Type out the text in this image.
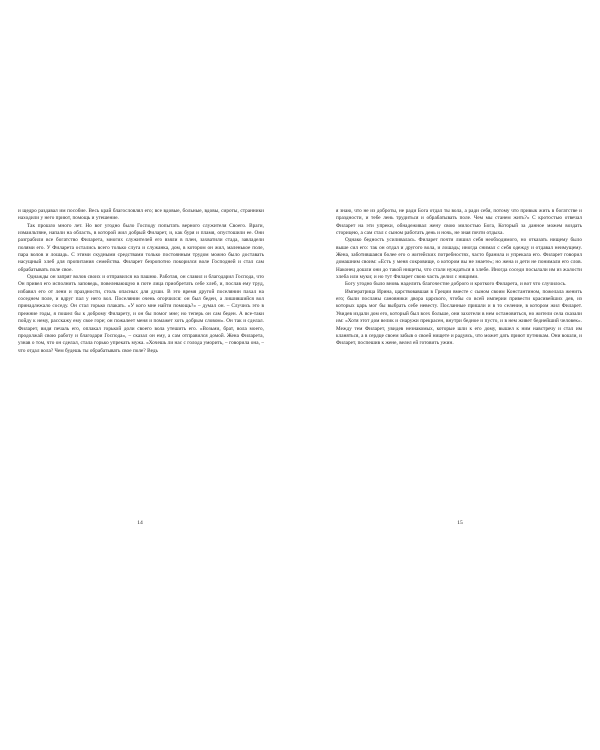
и щедро раздавал им пособие. Весь край благословлял его; все вдовые, больные, вдовы, сироты, странники находили у него приют, помощь и утешение.

Так прошло много лет. Но вот угодно было Господу попытать верного служителя Своего. Враги, измаильтяне, напали на область, в которой жил добрый Филарет, и, как буря и пламя, опустошили ее. Они разграбили все богатство Филарета, многих служителей его взяли в плен, захватили стада, завладели полями его. У Филарета остались всего только слуга и служанка, дом, в котором он жил, маленькое поле, пара волов и лошадь. С этими скудными средствами только постоянным трудом можно было доставать насущный хлеб для пропитания семейства. Филарет безропотно покорился воле Господней и стал сам обрабатывать поле свое.

Однажды он запряг волов своих и отправился на пашню. Работая, он славил и благодарил Господа, что Он привел его исполнить заповедь, повелевающую в поте лица приобретать себе хлеб, и, послав ему труд, избавил его от лени и праздности, столь опасных для души. В это время другой поселянин пахал на соседнем поле, и вдруг пал у него вол. Поселянин очень огорчился: он был беден, а лишившийся вол принадлежало соседу. Он стал горько плакать. «У кого мне найти помощь?» – думал он. – Случись это в прежние годы, я пошел бы к доброму Филарету, и он бы помог мне; но теперь он сам беден. А все-таки пойду к нему, расскажу ему свое горе; он пожалеет меня и помажет хоть добрым словом». Он так и сделал. Филарет, видя печаль его, оплакал горькой доли своего вола утешить его. «Возьми, брат, вола моего, продолжай свою работу и благодари Господа», – сказал он ему, а сам отправился домой. Жена Филарета, узнав о том, что он сделал, стала горько упрекать мужа. «Хочешь ли нас с голода уморить, – говорила она, – что отдал вола? Чем будешь ты обрабатывать свое поле? Ведь

14

я знаю, что не из доброты, не ради Бога отдал ты вола, а ради себя, потому что привык жить в богатстве и праздности, и тебе лень трудиться и обрабатывать поле. Чем мы станем жить?» С кротостью отвечал Филарет на эти упреки, обнадеживал жену свою милостью Бога, Который за данное можем воздать сторицею, а сам стал с сыном работать день и ночь, не зная почти отдыха.

Однако бедность усиливалась. Филарет почти лишил себя необходимого, но отказать нищему было выше сил его: так он отдал и другого вола, и лошадь; иногда снимал с себя одежду и отдавал неимущему. Жена, заботившаяся более его о житейских потребностях, часто бранила и упрекала его. Филарет говорил домашним своим: «Есть у меня сокровище, о котором вы не знаете»; но жена и дети не понимали его слов. Наконец дошли они до такой нищеты, что стали нуждаться в хлебе. Иногда соседи посылали им из жалости хлеба или муки; и но тут Филарет свою часть делил с нищими.

Богу угодно было вновь наделить благочестие доброго и кроткого Филарета, и вот что случилось.

Императрица Ирина, царствовавшая в Греции вместе с сыном своим Константином, пожелала женить его; были посланы сановники двора царского, чтобы со всей империи привести красивейших дев, из которых царь мог бы выбрать себе невесту. Посланные пришли и в то селение, в котором жил Филарет. Увидев издали дом его, который был всех больше, они захотели в нем остановиться, но жители села сказали им: «Хотя этот дом велик и снаружи прекрасен, внутри бедное и пусто, и в нем живет беднейший человек». Между тем Филарет, увидев незнакомых, которые шли к его дому, вышел к ним навстречу и стал им кланяться, а в сердце своем забыв о своей нищете и радуясь, что может дать приют путникам. Они вошли, и Филарет, поспешив к жене, велел ей готовить ужин.

15
